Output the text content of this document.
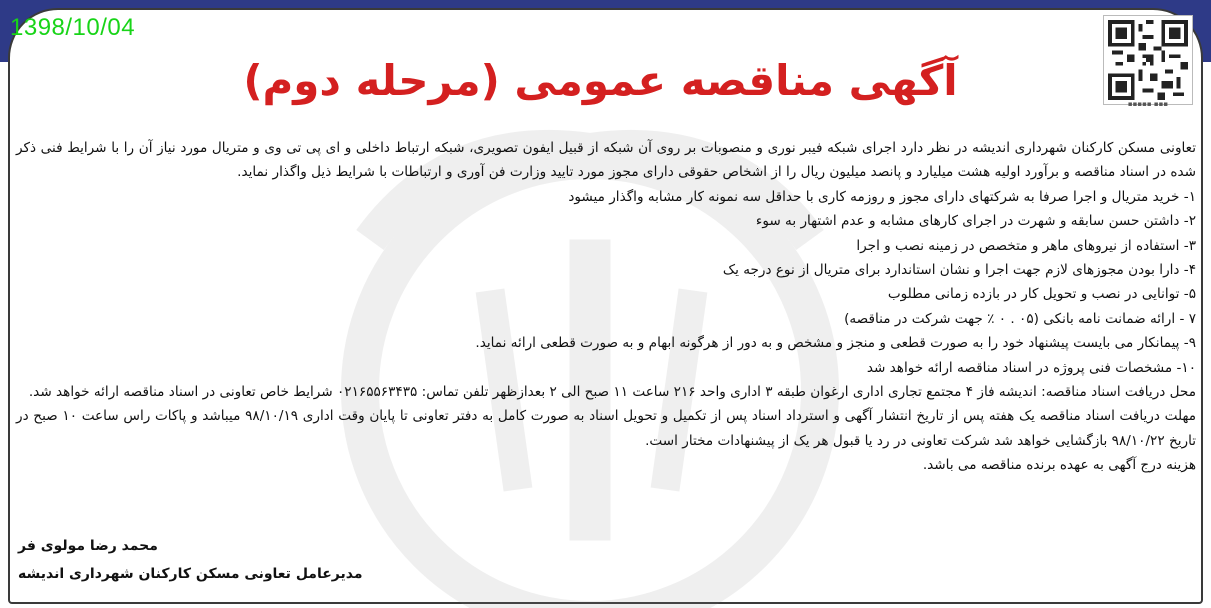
1398/10/04
▪▪▪▪▪ ▪▪▪
آگهی مناقصه عمومی (مرحله دوم)

تعاونی مسکن کارکنان شهرداری اندیشه در نظر دارد اجرای شبکه فیبر نوری و منصوبات بر روی آن شبکه از قبیل ایفون تصویری، شبکه ارتباط داخلی و ای پی تی وی و متریال مورد نیاز آن را با شرایط فنی ذکر شده در اسناد مناقصه و برآورد اولیه هشت میلیارد و پانصد میلیون ریال را از اشخاص حقوقی دارای مجوز مورد تایید وزارت فن آوری و ارتباطات با شرایط ذیل واگذار نماید.

۱- خرید متریال و اجرا صرفا به شرکتهای دارای مجوز و روزمه کاری با حداقل سه نمونه کار مشابه واگذار میشود
۲- داشتن حسن سابقه و شهرت در اجرای کارهای مشابه و عدم اشتهار به سوء
۳- استفاده از نیروهای ماهر و متخصص در زمینه نصب و اجرا
۴- دارا بودن مجوزهای لازم جهت اجرا و نشان استاندارد برای متریال از نوع درجه یک
۵- توانایی در نصب و تحویل کار در بازده زمانی مطلوب
۷ - ارائه ضمانت نامه بانکی (۰۵ . ۰ ٪ جهت شرکت در مناقصه)
۹- پیمانکار می بایست پیشنهاد خود را به صورت قطعی و منجز و مشخص و به دور از هرگونه ابهام و به صورت قطعی ارائه نماید.
۱۰- مشخصات فنی پروژه در اسناد مناقصه ارائه خواهد شد

محل دریافت اسناد مناقصه: اندیشه فاز ۴ مجتمع تجاری اداری ارغوان طبقه ۳ اداری واحد ۲۱۶ ساعت ۱۱ صبح الی ۲ بعدازظهر تلفن تماس: ۰۲۱۶۵۵۶۳۴۳۵ شرایط خاص تعاونی در اسناد مناقصه ارائه خواهد شد.

مهلت دریافت اسناد مناقصه یک هفته پس از تاریخ انتشار آگهی و استرداد اسناد پس از تکمیل و تحویل اسناد به صورت کامل به دفتر تعاونی تا پایان وقت اداری ۹۸/۱۰/۱۹ میباشد و پاکات راس ساعت ۱۰ صبح در تاریخ ۹۸/۱۰/۲۲ بازگشایی خواهد شد شرکت تعاونی در رد یا قبول هر یک از پیشنهادات مختار است.

هزینه درج آگهی به عهده برنده مناقصه می باشد.
محمد رضا مولوی فر
مدیرعامل تعاونی مسکن کارکنان شهرداری اندیشه
